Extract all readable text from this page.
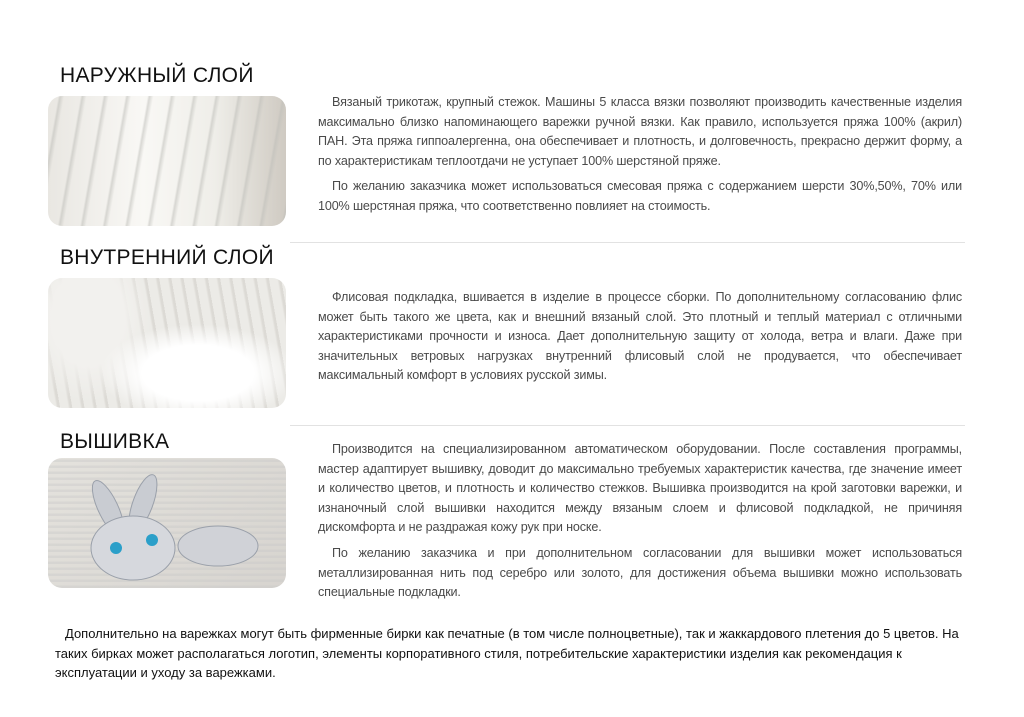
НАРУЖНЫЙ СЛОЙ

Вязаный трикотаж, крупный стежок. Машины 5 класса вязки позволяют производить качественные изделия максимально близко напоминающего варежки ручной вязки. Как правило, используется пряжа 100% (акрил) ПАН. Эта пряжа гиппоалергенна, она обеспечивает и плотность, и долговечность, прекрасно держит форму, а по характеристикам теплоотдачи не уступает 100% шерстяной пряже.

По желанию заказчика может использоваться смесовая пряжа с содержанием шерсти 30%,50%, 70% или 100% шерстяная пряжа, что соответственно повлияет на стоимость.

ВНУТРЕННИЙ СЛОЙ

Флисовая подкладка, вшивается в изделие в процессе сборки. По дополнительному согласованию флис может быть такого же цвета, как и внешний вязаный слой. Это плотный и теплый материал с отличными характеристиками прочности и износа. Дает дополнительную защиту от холода, ветра и влаги. Даже при значительных ветровых нагрузках внутренний флисовый слой не продувается, что обеспечивает максимальный комфорт в условиях русской зимы.

ВЫШИВКА	Производится на специализированном автоматическом оборудовании. После составления программы, мастер адаптирует вышивку, доводит до максимально требуемых характеристик качества, где значение имеет и количество цветов, и плотность и количество стежков. Вышивка производится на крой заготовки варежки, и изнаночный слой вышивки находится между вязаным слоем и флисовой подкладкой, не причиняя дискомфорта и не раздражая кожу рук при носке.

По желанию заказчика и при дополнительном согласовании для вышивки может использоваться металлизированная нить под серебро или золото, для достижения объема вышивки можно использовать специальные подкладки.

Дополнительно на варежках могут быть фирменные бирки как печатные (в том числе полноцветные), так и жаккардового плетения до 5 цветов. На таких бирках может располагаться логотип, элементы корпоративного стиля, потребительские характеристики изделия как рекомендация к эксплуатации и уходу за варежками.
